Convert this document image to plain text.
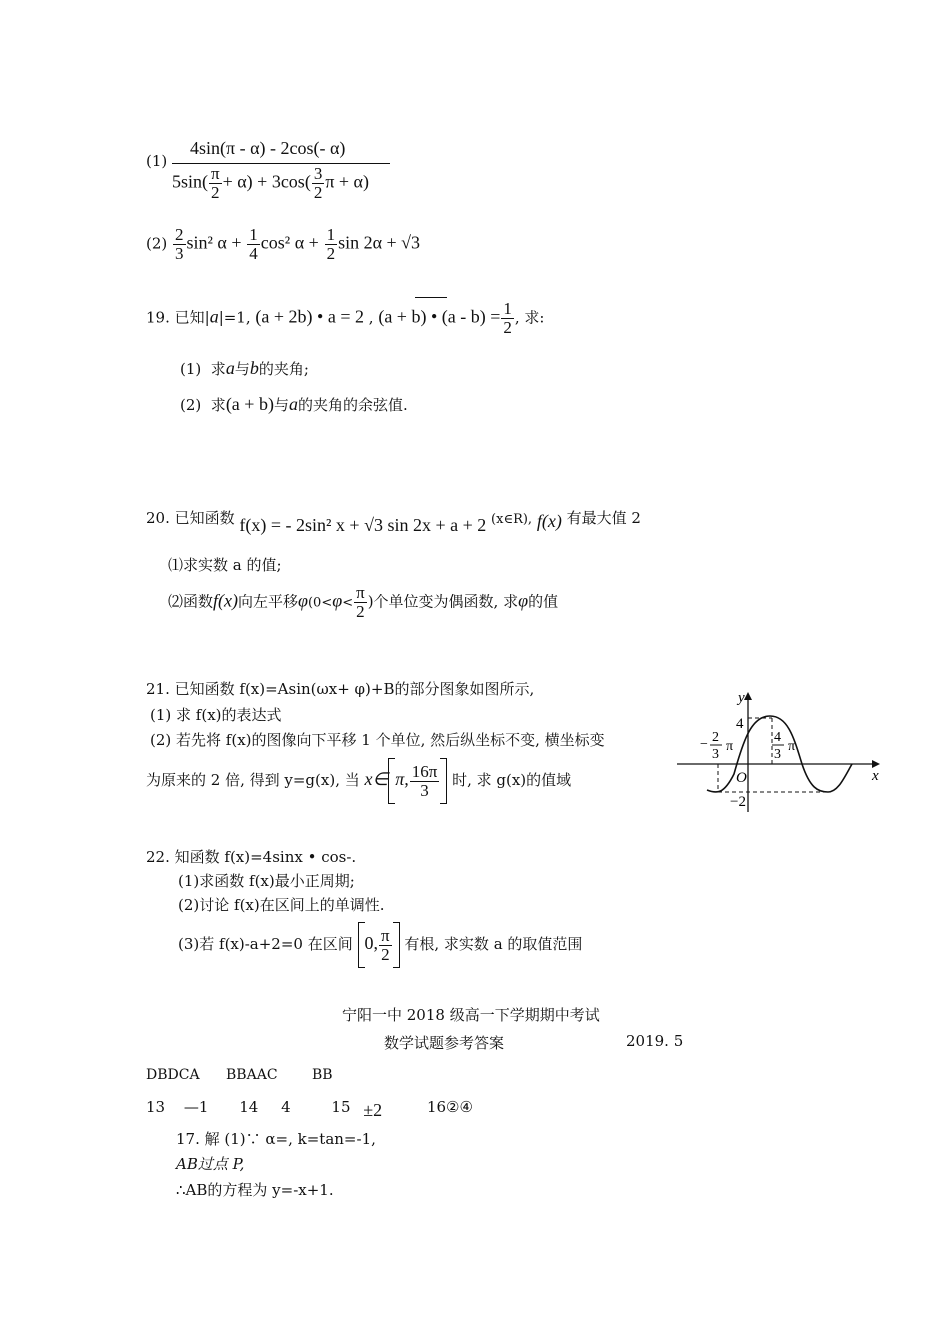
(1)
4sin(π - α) - 2cos(- α)
$5\sin( \frac{\pi}{2} + \alpha) + 3\cos( \frac{3}{2}$ π + α)
$(2) \frac{2}{3} \sin^2$ $\alpha + \frac{1}{4} \cos^2$ $\alpha + \frac{1}{2}$ sin 2α + √3
19. 已知|a|=1, (a + 2b) • a = 2 , (a + b) • $(a - b) = \frac{1}{2}$ , 求:
(1) 求a与b的夹角;
(2) 求(a + b)与a的夹角的余弦值.
20. 已知函数 f(x) = - 2sin² x + √3 sin 2x + a + 2 (x∈R), f(x) 有最大值 2
⑴求实数 a 的值;
⑵函数f(x)向左平移$\varphi(0<\varphi< \frac{\pi}{2}$ )个单位变为偶函数, 求φ的值
21. 已知函数 f(x)=Asin(ωx+ φ)+B的部分图象如图所示,
(1) 求 f(x)的表达式
(2) 若先将 f(x)的图像向下平移 1 个单位, 然后纵坐标不变, 横坐标变
为原来的 2 倍, 得到 y=g(x), 当 x∈ π, $\frac{16\pi}{3}$ 时, 求 g(x)的值域
y
x
O
4
−2
− 2
3
π
4
3
π
22. 知函数 f(x)=4sinx • cos-.
(1)求函数 f(x)最小正周期;
(2)讨论 f(x)在区间上的单调性.
(3)若 f(x)-a+2=0 在区间 0, $\frac{\pi}{2}$ 有根, 求实数 a 的取值范围
宁阳一中 2018 级高一下学期期中考试
数学试题参考答案	2019. 5
DBDCA BBAAC BB
13 —1 14 4	15 ±2	16②④
17. 解 (1)∵ α=, k=tan=-1,
AB过点 P,
∴AB的方程为 y=-x+1.
